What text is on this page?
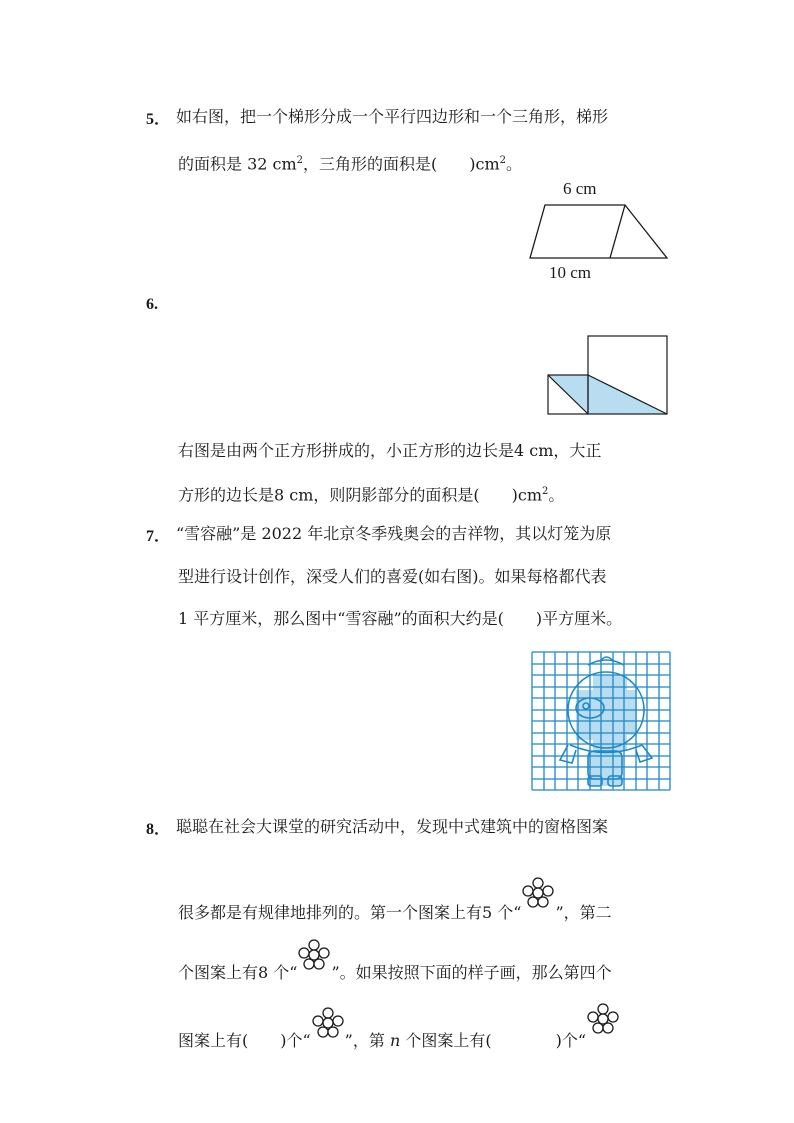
5． 如右图，把一个梯形分成一个平行四边形和一个三角形，梯形
的面积是 32 $cm^2$，三角形的面积是(　　)$cm^2$。
6 cm
10 cm
6.
右图是由两个正方形拼成的，小正方形的边长是4 cm，大正
方形的边长是8 cm，则阴影部分的面积是(　　)$cm^2$。
7． “雪容融”是 2022 年北京冬季残奥会的吉祥物，其以灯笼为原
型进行设计创作，深受人们的喜爱(如右图)。如果每格都代表
1 平方厘米，那么图中“雪容融”的面积大约是(　　)平方厘米。
8． 聪聪在社会大课堂的研究活动中，发现中式建筑中的窗格图案
很多都是有规律地排列的。第一个图案上有5 个“ ”，第二
个图案上有8 个“ ”。如果按照下面的样子画，那么第四个
图案上有(　　)个“ ”，第 n 个图案上有(　　　　)个“
